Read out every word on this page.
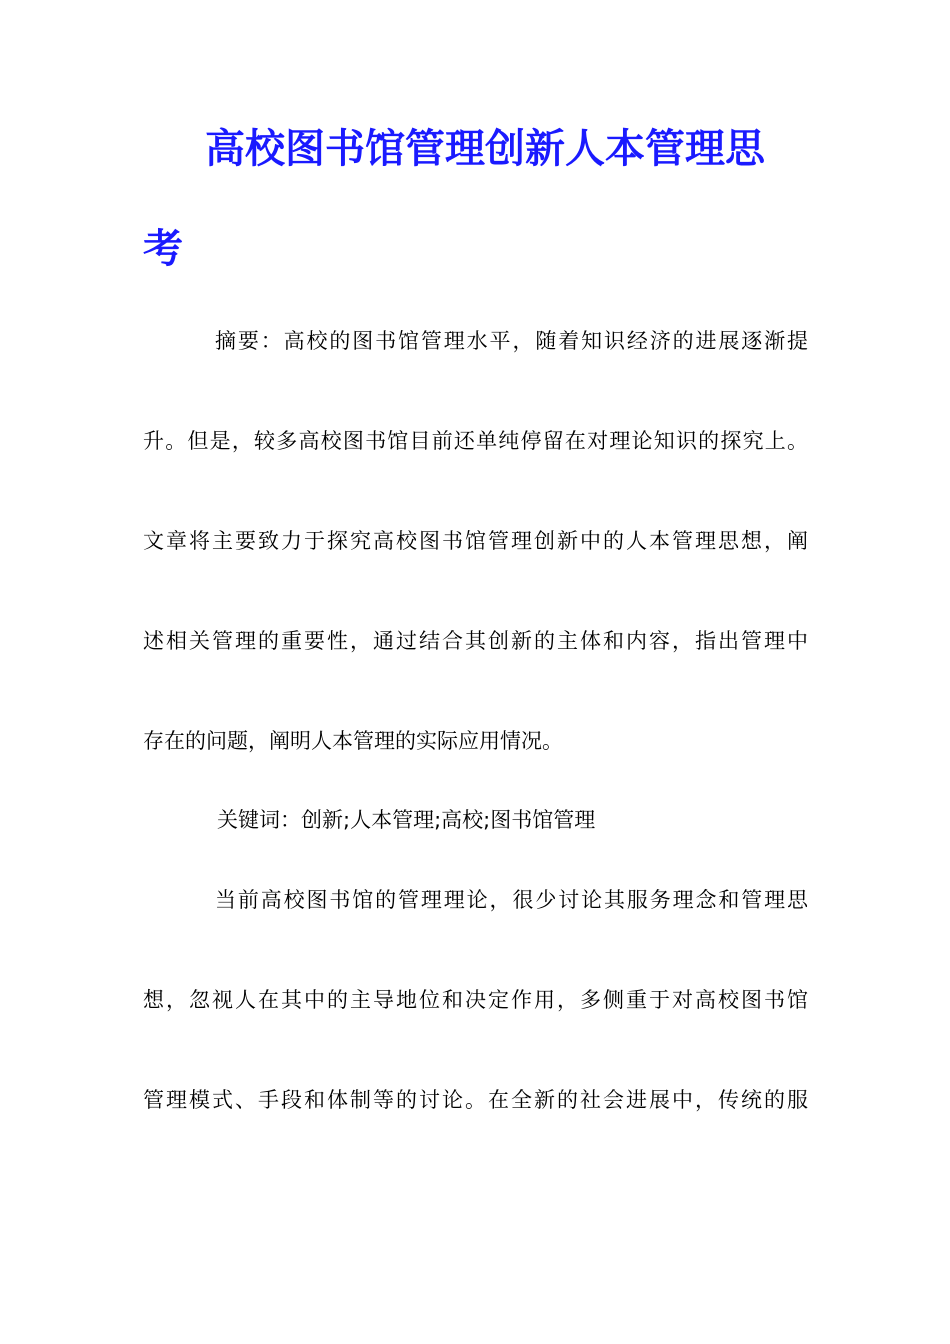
高校图书馆管理创新人本管理思
考
摘要：高校的图书馆管理水平，随着知识经济的进展逐渐提
升。但是，较多高校图书馆目前还单纯停留在对理论知识的探究上。
文章将主要致力于探究高校图书馆管理创新中的人本管理思想，阐
述相关管理的重要性，通过结合其创新的主体和内容，指出管理中
存在的问题，阐明人本管理的实际应用情况。
关键词：创新;人本管理;高校;图书馆管理
当前高校图书馆的管理理论，很少讨论其服务理念和管理思
想，忽视人在其中的主导地位和决定作用，多侧重于对高校图书馆
管理模式、手段和体制等的讨论。在全新的社会进展中，传统的服
